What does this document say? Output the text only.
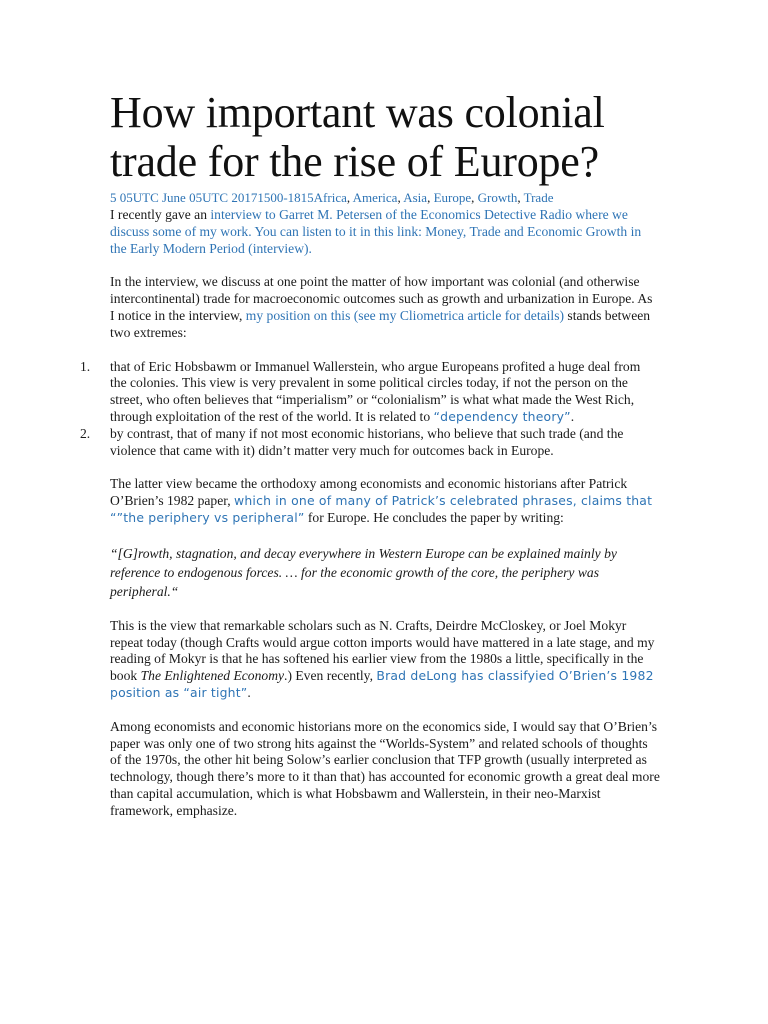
How important was colonial trade for the rise of Europe?
5 05UTC June 05UTC 20171500-1815Africa, America, Asia, Europe, Growth, Trade

I recently gave an interview to Garret M. Petersen of the Economics Detective Radio where we discuss some of my work. You can listen to it in this link: Money, Trade and Economic Growth in the Early Modern Period (interview).

In the interview, we discuss at one point the matter of how important was colonial (and otherwise intercontinental) trade for macroeconomic outcomes such as growth and urbanization in Europe. As I notice in the interview, my position on this (see my Cliometrica article for details) stands between two extremes:

1. that of Eric Hobsbawm or Immanuel Wallerstein, who argue Europeans profited a huge deal from the colonies. This view is very prevalent in some political circles today, if not the person on the street, who often believes that “imperialism” or “colonialism” is what what made the West Rich, through exploitation of the rest of the world. It is related to “dependency theory”.
2. by contrast, that of many if not most economic historians, who believe that such trade (and the violence that came with it) didn’t matter very much for outcomes back in Europe.

The latter view became the orthodoxy among economists and economic historians after Patrick O’Brien’s 1982 paper, which in one of many of Patrick’s celebrated phrases, claims that “”the periphery vs peripheral” for Europe. He concludes the paper by writing:

“[G]rowth, stagnation, and decay everywhere in Western Europe can be explained mainly by reference to endogenous forces. … for the economic growth of the core, the periphery was peripheral.“

This is the view that remarkable scholars such as N. Crafts, Deirdre McCloskey, or Joel Mokyr repeat today (though Crafts would argue cotton imports would have mattered in a late stage, and my reading of Mokyr is that he has softened his earlier view from the 1980s a little, specifically in the book The Enlightened Economy.) Even recently, Brad deLong has classifyied O’Brien’s 1982 position as “air tight”.

Among economists and economic historians more on the economics side, I would say that O’Brien’s paper was only one of two strong hits against the “Worlds-System” and related schools of thoughts of the 1970s, the other hit being Solow’s earlier conclusion that TFP growth (usually interpreted as technology, though there’s more to it than that) has accounted for economic growth a great deal more than capital accumulation, which is what Hobsbawm and Wallerstein, in their neo-Marxist framework, emphasize.
